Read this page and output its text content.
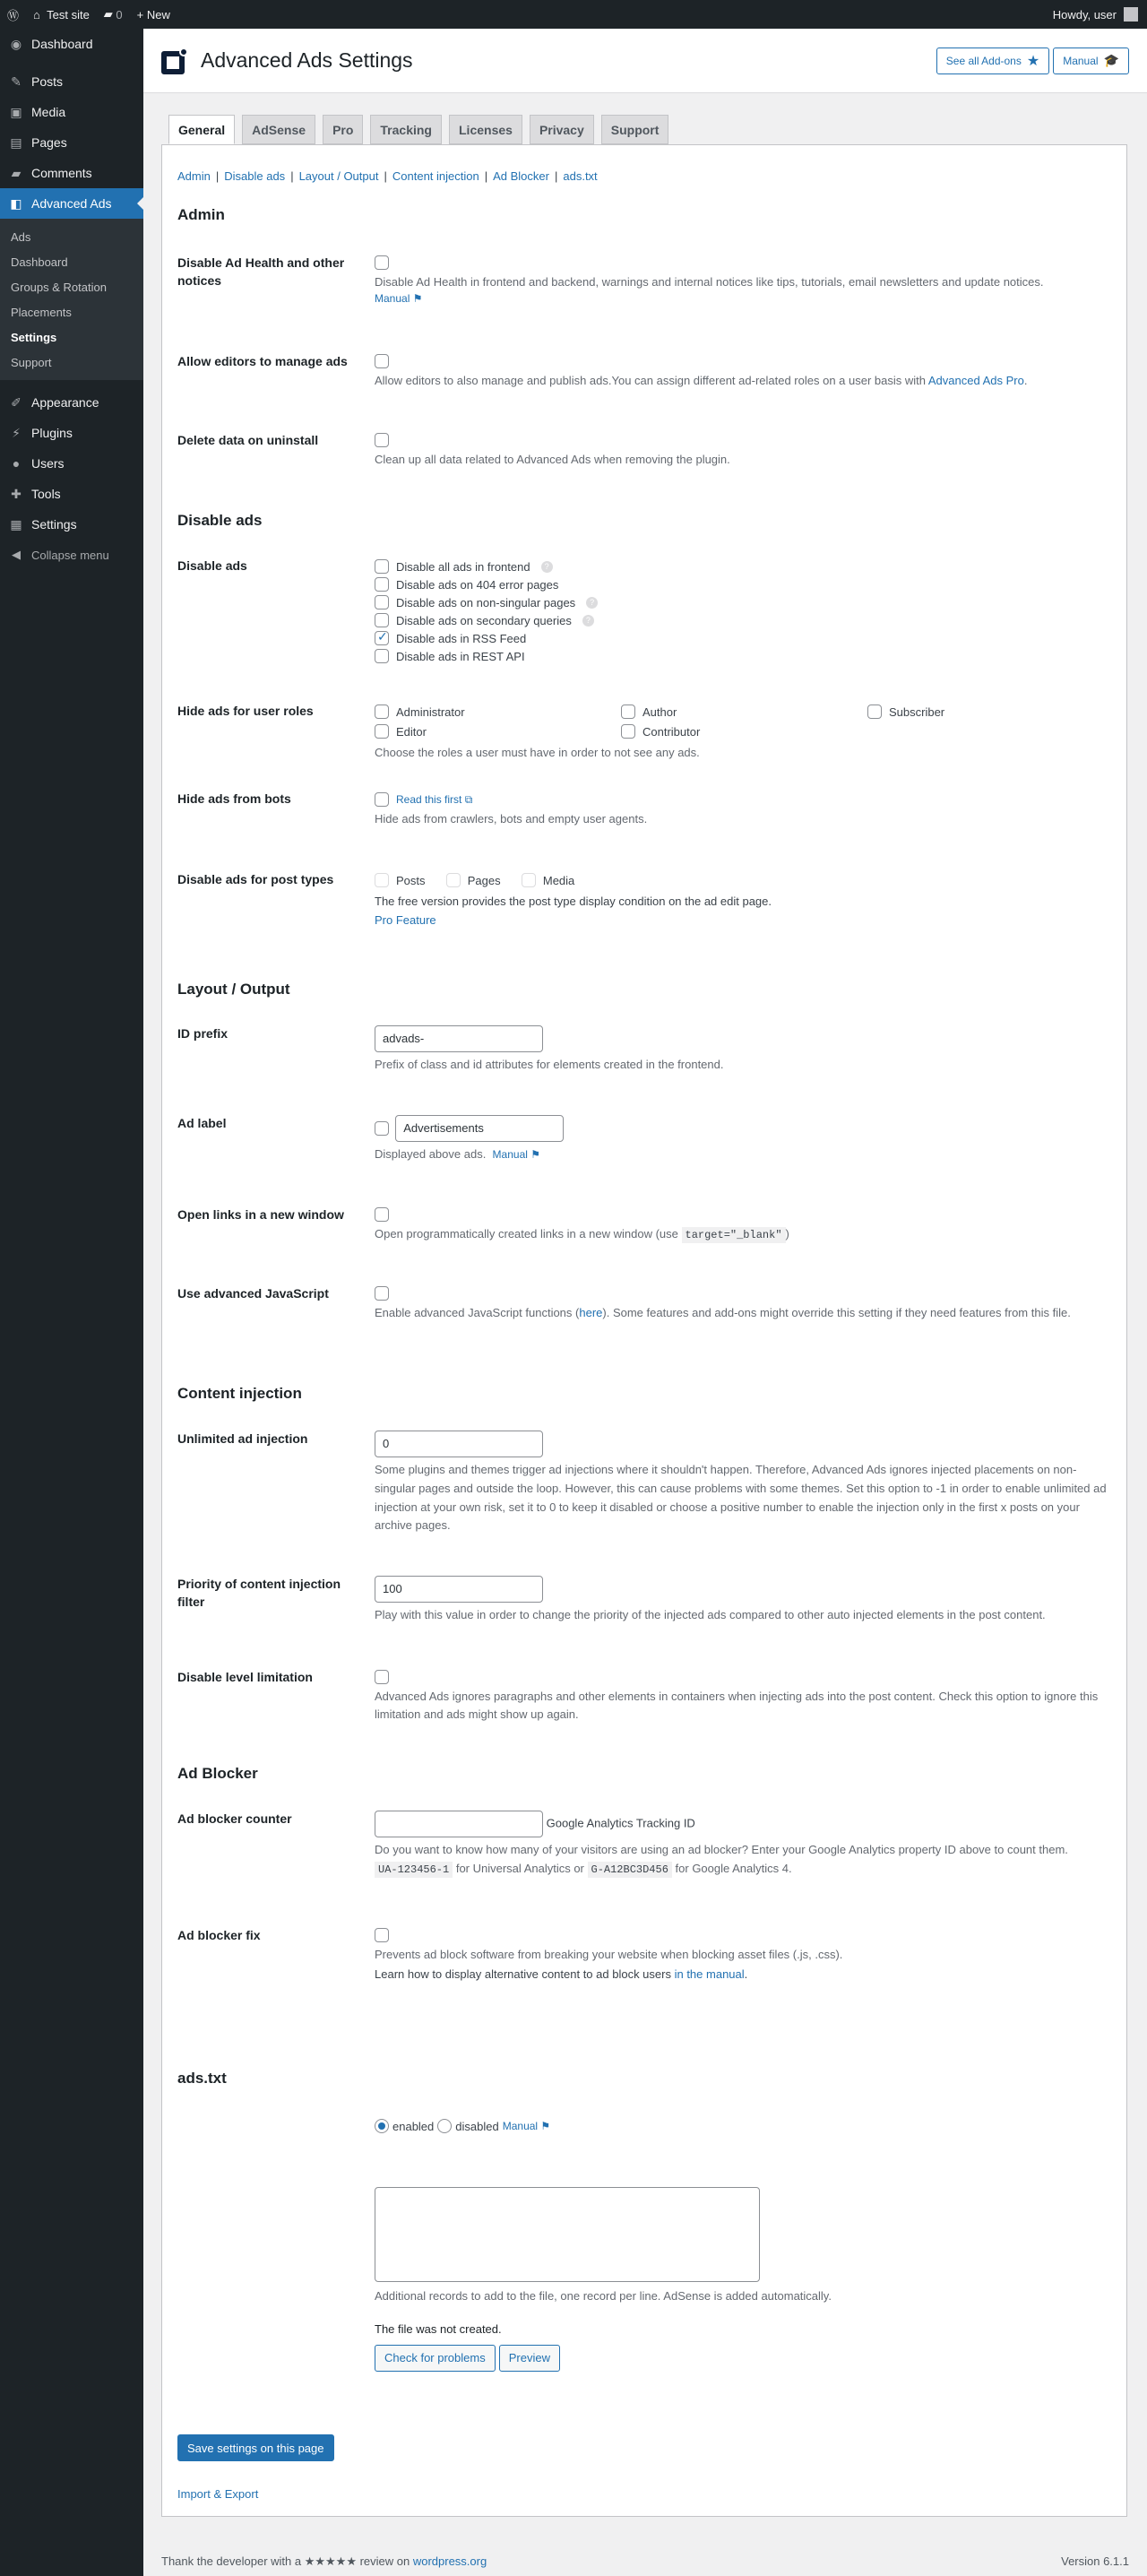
Ⓦ	⌂
Test site ▰
0 +
New	Howdy, user
◉ Dashboard
✎ Posts
▣ Media
▤ Pages
▰ Comments
◧ Advanced Ads
Ads
Dashboard
Groups & Rotation
Placements
Settings
Support
✐ Appearance
⚡ Plugins
● Users
✚ Tools
▦ Settings
◀ Collapse menu
Advanced Ads Settings	See all Add-ons ★ Manual 🎓
General	AdSense	Pro	Tracking	Licenses	Privacy	Support
Admin | Disable ads | Layout / Output | Content injection | Ad Blocker | ads.txt
Admin
Disable Ad Health and other notices	Disable Ad Health in frontend and backend, warnings and internal notices like tips, tutorials, email newsletters and update notices.
Manual ⚑
Allow editors to manage ads
Allow editors to also manage and publish ads.You can assign different ad-related roles on a user basis with Advanced Ads Pro.
Delete data on uninstall
Clean up all data related to Advanced Ads when removing the plugin.
Disable ads
Disable ads	Disable all ads in frontend	?
Disable ads on 404 error pages
Disable ads on non-singular pages	?
Disable ads on secondary queries	?
✓
Disable ads in RSS Feed
Disable ads in REST API
Hide ads for user roles	Administrator	Author	Subscriber
Editor	Contributor
Choose the roles a user must have in order to not see any ads.
Hide ads from bots	Read this first ⧉
Hide ads from crawlers, bots and empty user agents.
Disable ads for post types	Posts
	Pages
	Media
The free version provides the post type display condition on the ad edit page.
Pro Feature
Layout / Output
ID prefix	advads-
Prefix of class and id attributes for elements created in the frontend.
Ad label	Advertisements
Displayed above ads. Manual ⚑
Open links in a new window
Open programmatically created links in a new window (use target="_blank" )
Use advanced JavaScript
Enable advanced JavaScript functions (here). Some features and add-ons might override this setting if they need features from this file.
Content injection
Unlimited ad injection	0
Some plugins and themes trigger ad injections where it shouldn't happen. Therefore, Advanced Ads ignores injected placements on non-singular pages and outside the loop. However, this can cause problems with some themes. Set this option to -1 in order to enable unlimited ad injection at your own risk, set it to 0 to keep it disabled or choose a positive number to enable the injection only in the first x posts on your archive pages.
Priority of content injection filter
100
Play with this value in order to change the priority of the injected ads compared to other auto injected elements in the post content.
Disable level limitation
Advanced Ads ignores paragraphs and other elements in containers when injecting ads into the post content. Check this option to ignore this limitation and ads might show up again.
Ad Blocker
Ad blocker counter	Google Analytics Tracking ID
Do you want to know how many of your visitors are using an ad blocker? Enter your Google Analytics property ID above to count them.
UA-123456-1 for Universal Analytics or G-A12BC3D456 for Google Analytics 4.
Ad blocker fix
Prevents ad block software from breaking your website when blocking asset files (.js, .css).
Learn how to display alternative content to ad block users in the manual.
ads.txt
enabled disabled Manual ⚑
Additional records to add to the file, one record per line. AdSense is added automatically.
The file was not created.
Check for problems	Preview
Save settings on this page
Import & Export
Thank the developer with a ★★★★★ review on wordpress.org	Version 6.1.1
